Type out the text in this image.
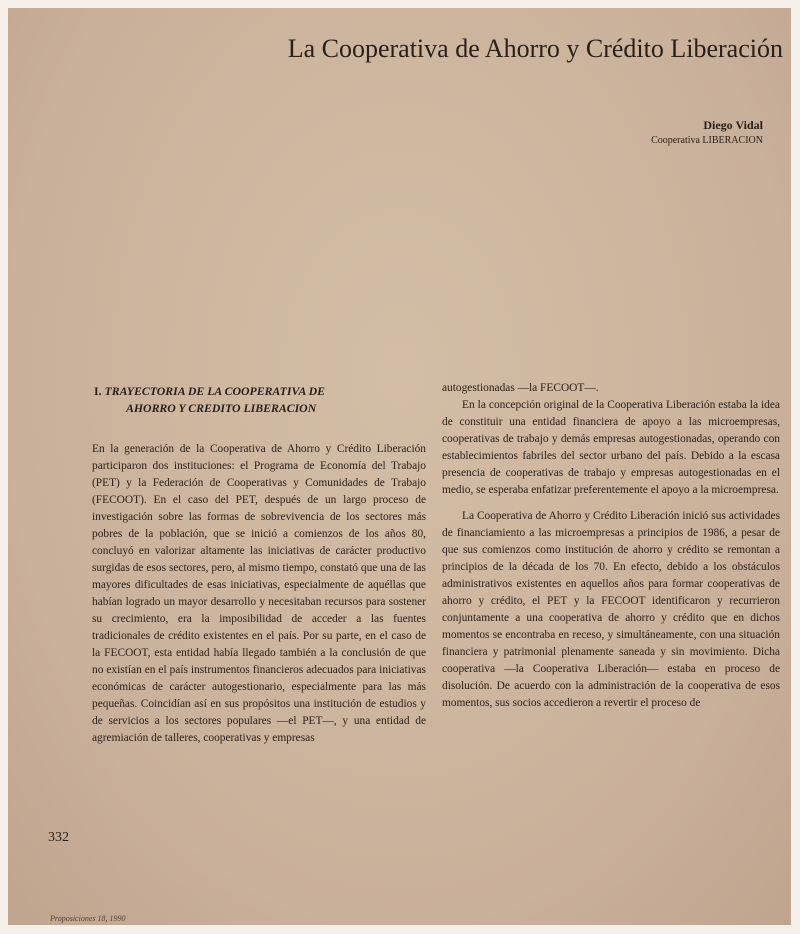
La Cooperativa de Ahorro y Crédito Liberación
Diego Vidal
Cooperativa LIBERACION
I. TRAYECTORIA DE LA COOPERATIVA DE
AHORRO Y CREDITO LIBERACION

En la generación de la Cooperativa de Ahorro y Crédito Liberación participaron dos instituciones: el Programa de Economía del Trabajo (PET) y la Federación de Cooperativas y Comunidades de Trabajo (FECOOT). En el caso del PET, después de un largo proceso de investigación sobre las formas de sobrevivencia de los sectores más pobres de la población, que se inició a comienzos de los años 80, concluyó en valorizar altamente las iniciativas de carácter productivo surgidas de esos sectores, pero, al mismo tiempo, constató que una de las mayores dificultades de esas iniciativas, especialmente de aquéllas que habían logrado un mayor desarrollo y necesitaban recursos para sostener su crecimiento, era la imposibilidad de acceder a las fuentes tradicionales de crédito existentes en el país. Por su parte, en el caso de la FECOOT, esta entidad había llegado también a la conclusión de que no existían en el país instrumentos financieros adecuados para iniciativas económicas de carácter autogestionario, especialmente para las más pequeñas. Coincidían así en sus propósitos una institución de estudios y de servicios a los sectores populares —el PET—, y una entidad de agremiación de talleres, cooperativas y empresas

autogestionadas —la FECOOT—.

En la concepción original de la Cooperativa Liberación estaba la idea de constituir una entidad financiera de apoyo a las microempresas, cooperativas de trabajo y demás empresas autogestionadas, operando con establecimientos fabriles del sector urbano del país. Debido a la escasa presencia de cooperativas de trabajo y empresas autogestionadas en el medio, se esperaba enfatizar preferentemente el apoyo a la microempresa.

La Cooperativa de Ahorro y Crédito Liberación inició sus actividades de financiamiento a las microempresas a principios de 1986, a pesar de que sus comienzos como institución de ahorro y crédito se remontan a principios de la década de los 70. En efecto, debido a los obstáculos administrativos existentes en aquellos años para formar cooperativas de ahorro y crédito, el PET y la FECOOT identificaron y recurrieron conjuntamente a una cooperativa de ahorro y crédito que en dichos momentos se encontraba en receso, y simultáneamente, con una situación financiera y patrimonial plenamente saneada y sin movimiento. Dicha cooperativa —la Cooperativa Liberación— estaba en proceso de disolución. De acuerdo con la administración de la cooperativa de esos momentos, sus socios accedieron a revertir el proceso de

332
Proposiciones 18, 1990
